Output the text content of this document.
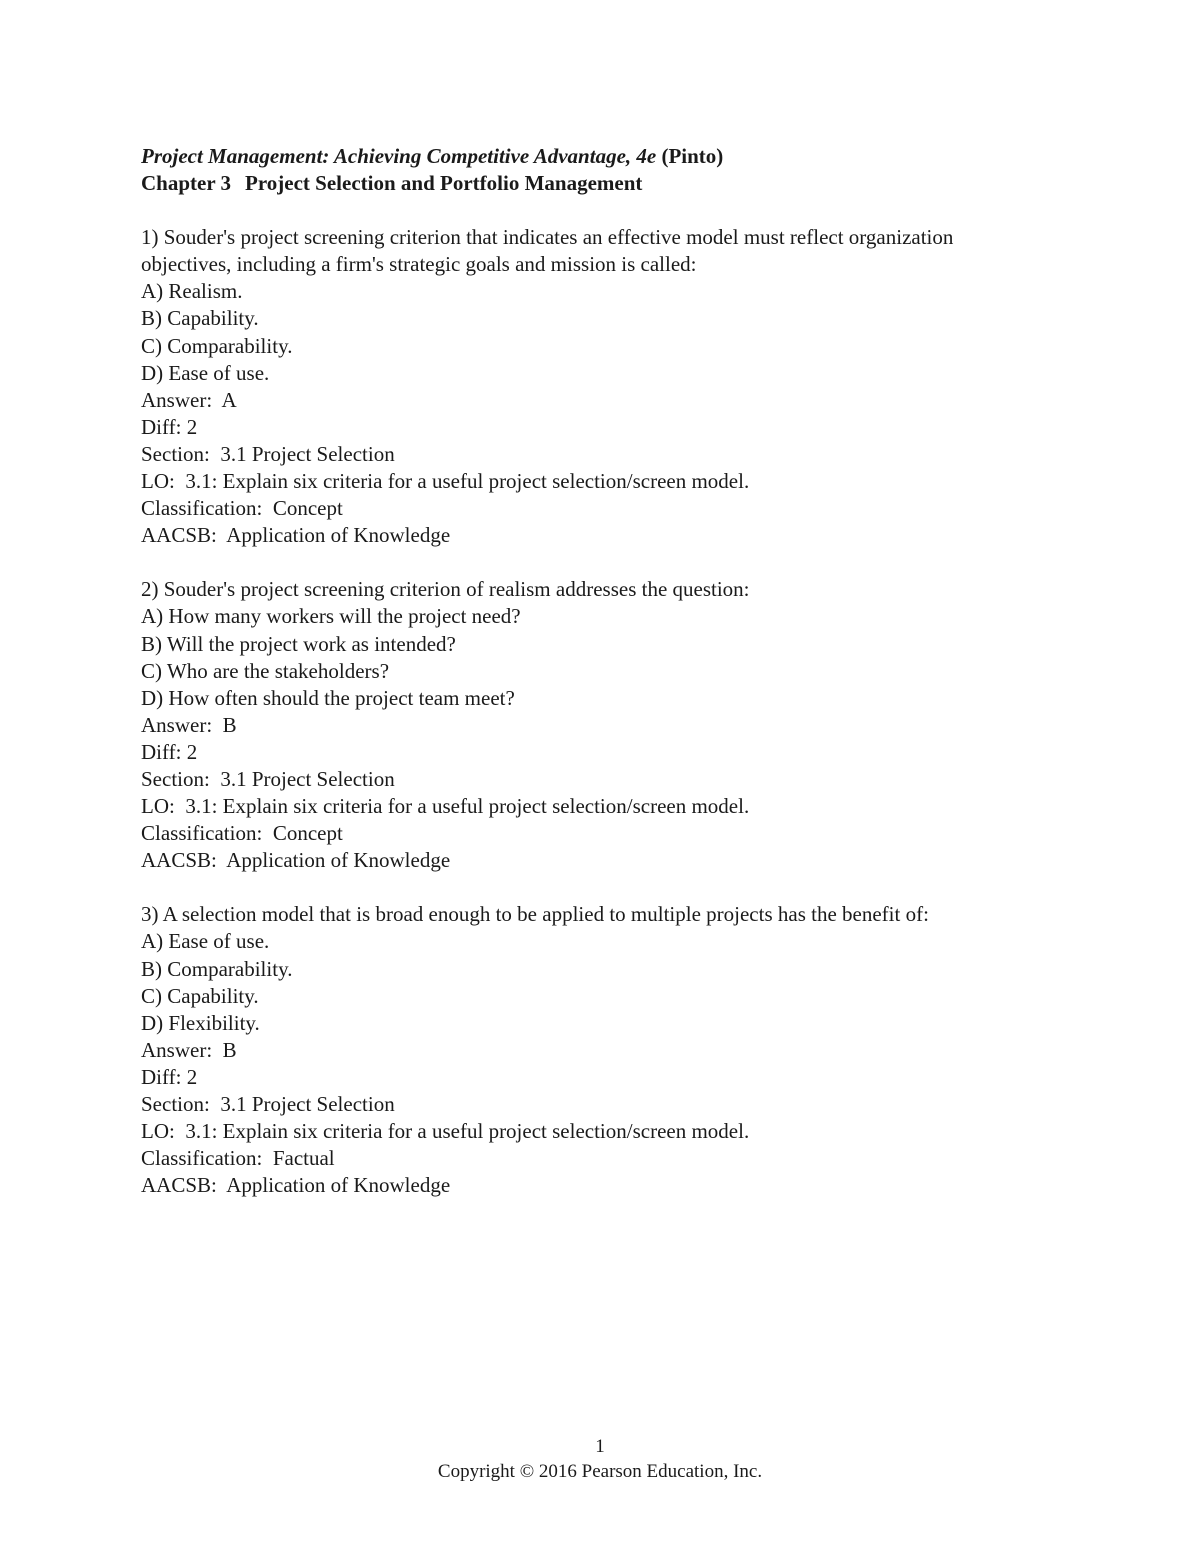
Project Management: Achieving Competitive Advantage, 4e (Pinto)
Chapter 3 Project Selection and Portfolio Management
1) Souder's project screening criterion that indicates an effective model must reflect organization
objectives, including a firm's strategic goals and mission is called:
A) Realism.
B) Capability.
C) Comparability.
D) Ease of use.
Answer:  A
Diff: 2
Section:  3.1 Project Selection
LO:  3.1: Explain six criteria for a useful project selection/screen model.
Classification:  Concept
AACSB:  Application of Knowledge
2) Souder's project screening criterion of realism addresses the question:
A) How many workers will the project need?
B) Will the project work as intended?
C) Who are the stakeholders?
D) How often should the project team meet?
Answer:  B
Diff: 2
Section:  3.1 Project Selection
LO:  3.1: Explain six criteria for a useful project selection/screen model.
Classification:  Concept
AACSB:  Application of Knowledge
3) A selection model that is broad enough to be applied to multiple projects has the benefit of:
A) Ease of use.
B) Comparability.
C) Capability.
D) Flexibility.
Answer:  B
Diff: 2
Section:  3.1 Project Selection
LO:  3.1: Explain six criteria for a useful project selection/screen model.
Classification:  Factual
AACSB:  Application of Knowledge
1
Copyright © 2016 Pearson Education, Inc.
